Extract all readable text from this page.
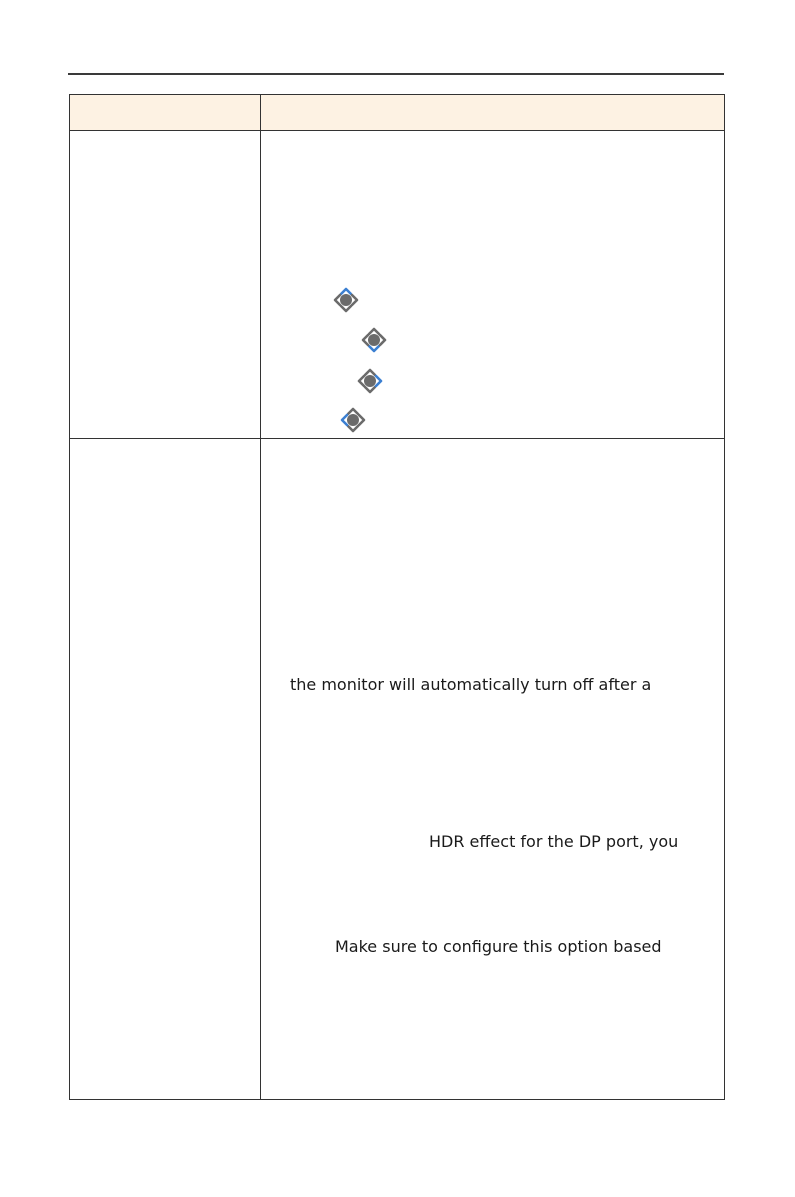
the monitor will automatically turn off after a
HDR effect for the DP port, you
Make sure to configure this option based
